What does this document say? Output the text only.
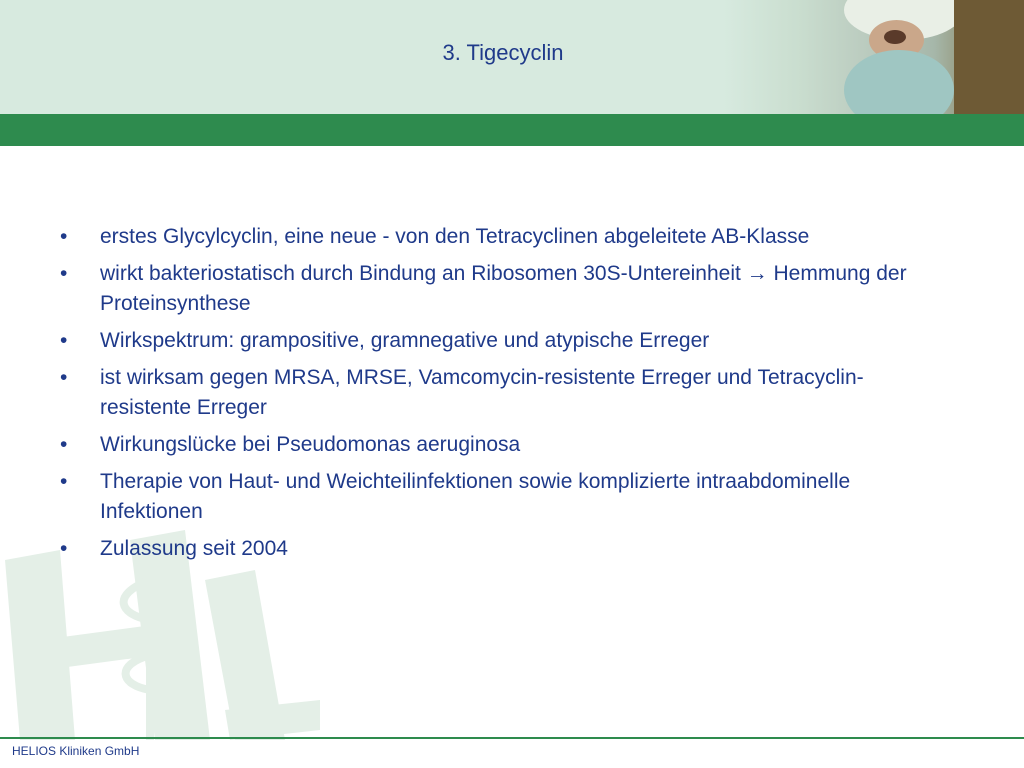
3. Tigecyclin
•	erstes Glycylcyclin, eine neue - von den Tetracyclinen abgeleitete AB-Klasse
•	wirkt bakteriostatisch durch Bindung an Ribosomen 30S-Untereinheit → Hemmung der Proteinsynthese
•	Wirkspektrum: grampositive, gramnegative und atypische Erreger
•	ist wirksam gegen MRSA, MRSE, Vamcomycin-resistente Erreger und Tetracyclin-resistente Erreger
•	Wirkungslücke bei Pseudomonas aeruginosa
•	Therapie von Haut- und Weichteilinfektionen sowie komplizierte intraabdominelle Infektionen
•	Zulassung seit 2004
HELIOS Kliniken GmbH
